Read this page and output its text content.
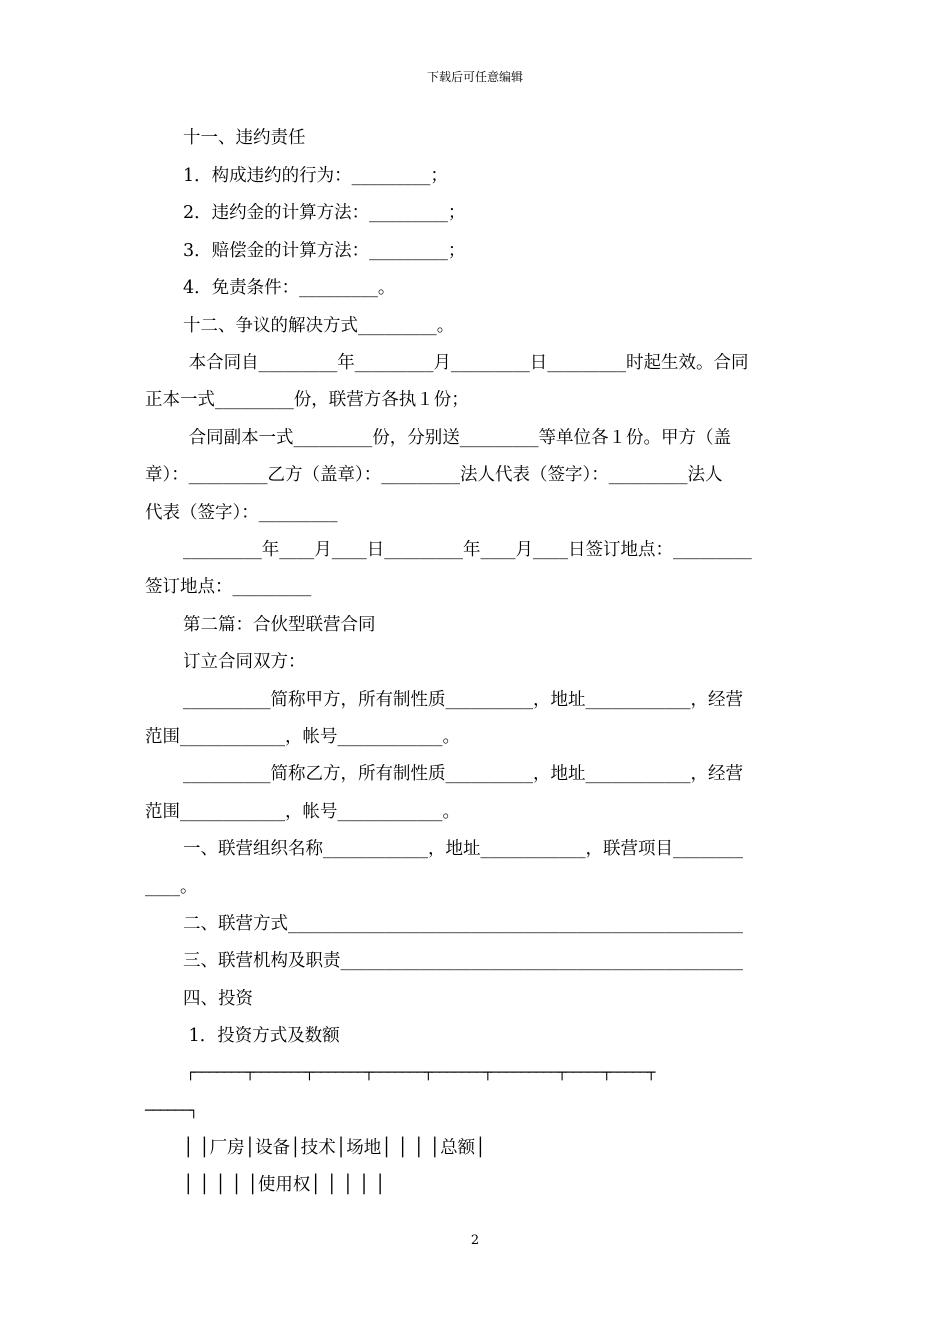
下载后可任意编辑
十一、违约责任
1．构成违约的行为：_________；
2．违约金的计算方法：_________；
3．赔偿金的计算方法：_________；
4．免责条件：_________。
十二、争议的解决方式_________。
本合同自_________年_________月_________日_________时起生效。合同
正本一式_________份，联营方各执１份；
合同副本一式_________份，分别送_________等单位各１份。甲方（盖
章）：_________乙方（盖章）：_________法人代表（签字）：_________法人
代表（签字）：_________
_________年____月____日_________年____月____日签订地点：_________
签订地点：_________
第二篇：合伙型联营合同
订立合同双方：
__________简称甲方，所有制性质__________，地址____________，经营
范围____________，帐号____________。
__________简称乙方，所有制性质__________，地址____________，经营
范围____________，帐号____________。
一、联营组织名称____________，地址____________，联营项目________
____。
二、联营方式____________________________________________________
三、联营机构及职责______________________________________________
四、投资
1．投资方式及数额
┌───────┬───────┬───────┬───────┬───────┬─────────┬─────┬─────┬
──────┐
│ │厂房│设备│技术│场地│ │ │ │总额│
│ │ │ │ │使用权│ │ │ │ │
2
